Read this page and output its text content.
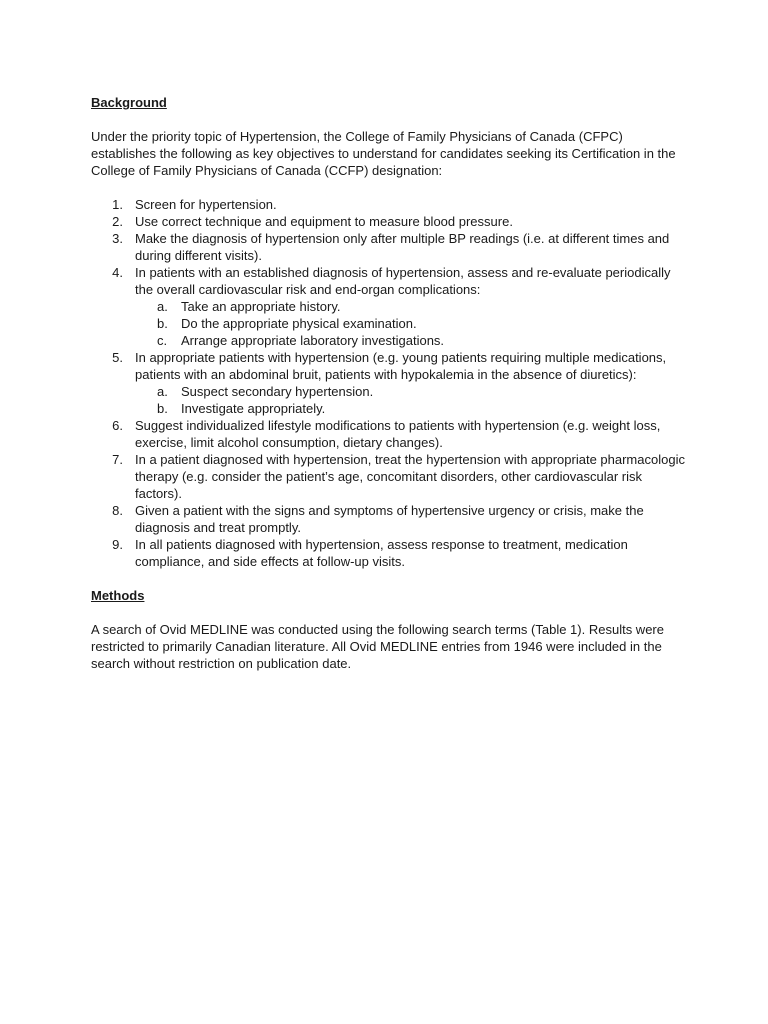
Background
Under the priority topic of Hypertension, the College of Family Physicians of Canada (CFPC) establishes the following as key objectives to understand for candidates seeking its Certification in the College of Family Physicians of Canada (CCFP) designation:
1. Screen for hypertension.
2. Use correct technique and equipment to measure blood pressure.
3. Make the diagnosis of hypertension only after multiple BP readings (i.e. at different times and during different visits).
4. In patients with an established diagnosis of hypertension, assess and re-evaluate periodically the overall cardiovascular risk and end-organ complications:
a. Take an appropriate history.
b. Do the appropriate physical examination.
c. Arrange appropriate laboratory investigations.
5. In appropriate patients with hypertension (e.g. young patients requiring multiple medications, patients with an abdominal bruit, patients with hypokalemia in the absence of diuretics):
a. Suspect secondary hypertension.
b. Investigate appropriately.
6. Suggest individualized lifestyle modifications to patients with hypertension (e.g. weight loss, exercise, limit alcohol consumption, dietary changes).
7. In a patient diagnosed with hypertension, treat the hypertension with appropriate pharmacologic therapy (e.g. consider the patient’s age, concomitant disorders, other cardiovascular risk factors).
8. Given a patient with the signs and symptoms of hypertensive urgency or crisis, make the diagnosis and treat promptly.
9. In all patients diagnosed with hypertension, assess response to treatment, medication compliance, and side effects at follow-up visits.
Methods
A search of Ovid MEDLINE was conducted using the following search terms (Table 1). Results were restricted to primarily Canadian literature. All Ovid MEDLINE entries from 1946 were included in the search without restriction on publication date.
